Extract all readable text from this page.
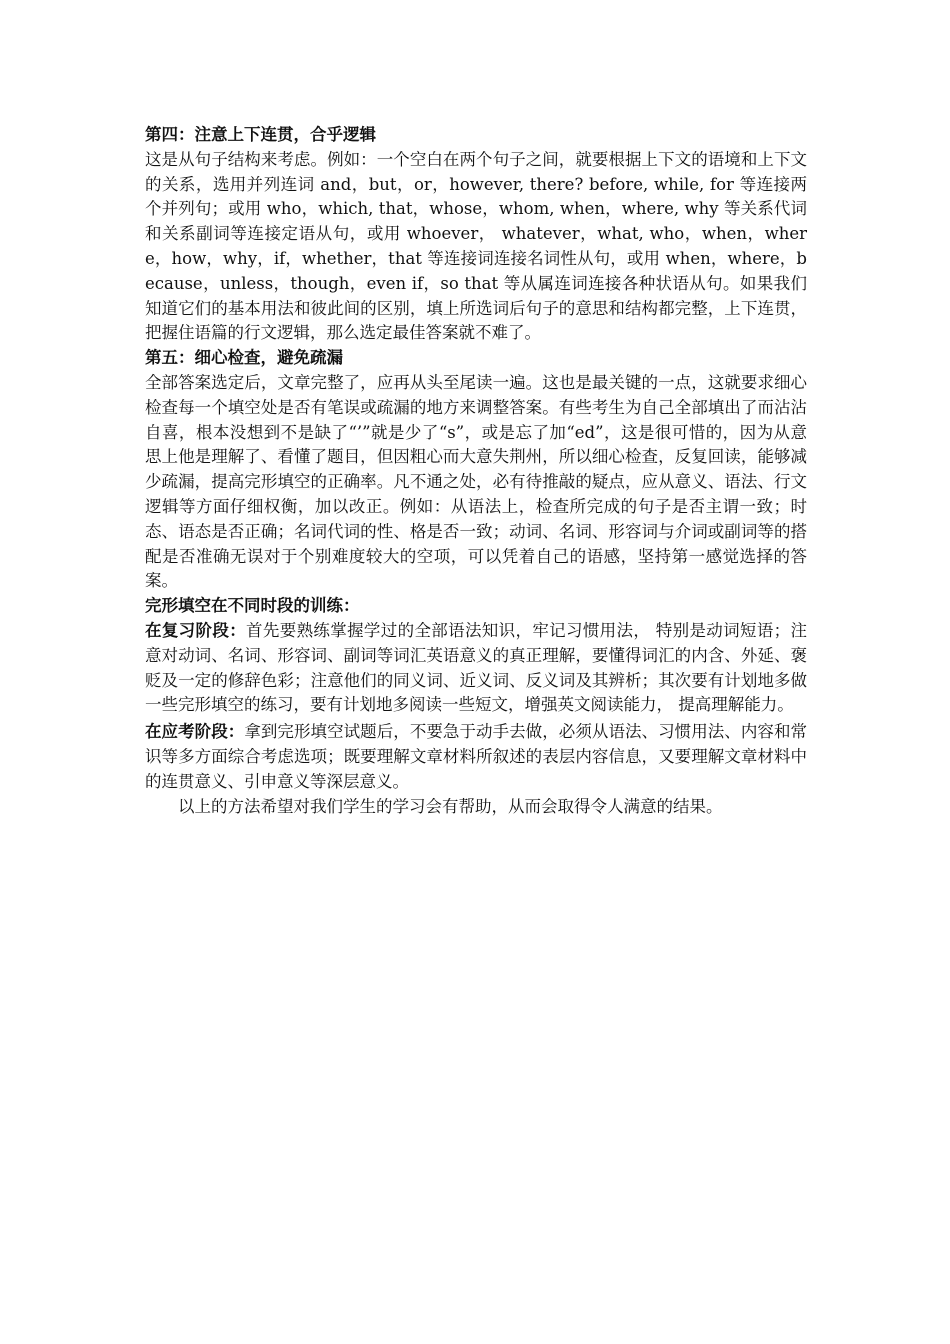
第四：注意上下连贯，合乎逻辑

这是从句子结构来考虑。例如：一个空白在两个句子之间，就要根据上下文的语境和上下文的关系，选用并列连词 and，but，or，however, there? before, while, for 等连接两个并列句；或用 who，which, that，whose，whom, when，where, why 等关系代词和关系副词等连接定语从句，或用 whoever， whatever，what, who，when，where，how，why，if，whether，that 等连接词连接名词性从句，或用 when，where，because，unless，though，even if，so that 等从属连词连接各种状语从句。如果我们知道它们的基本用法和彼此间的区别，填上所选词后句子的意思和结构都完整，上下连贯，把握住语篇的行文逻辑，那么选定最佳答案就不难了。

第五：细心检查，避免疏漏

全部答案选定后，文章完整了，应再从头至尾读一遍。这也是最关键的一点，这就要求细心检查每一个填空处是否有笔误或疏漏的地方来调整答案。有些考生为自己全部填出了而沾沾自喜，根本没想到不是缺了“’”就是少了“s”，或是忘了加“ed”，这是很可惜的，因为从意思上他是理解了、看懂了题目，但因粗心而大意失荆州，所以细心检查，反复回读，能够减少疏漏，提高完形填空的正确率。凡不通之处，必有待推敲的疑点，应从意义、语法、行文逻辑等方面仔细权衡，加以改正。例如：从语法上，检查所完成的句子是否主谓一致；时态、语态是否正确；名词代词的性、格是否一致；动词、名词、形容词与介词或副词等的搭配是否准确无误对于个别难度较大的空项，可以凭着自己的语感，坚持第一感觉选择的答案。

完形填空在不同时段的训练：

在复习阶段：首先要熟练掌握学过的全部语法知识，牢记习惯用法， 特别是动词短语；注意对动词、名词、形容词、副词等词汇英语意义的真正理解，要懂得词汇的内含、外延、褒贬及一定的修辞色彩；注意他们的同义词、近义词、反义词及其辨析；其次要有计划地多做一些完形填空的练习，要有计划地多阅读一些短文，增强英文阅读能力， 提高理解能力。

在应考阶段：拿到完形填空试题后，不要急于动手去做，必须从语法、习惯用法、内容和常识等多方面综合考虑选项；既要理解文章材料所叙述的表层内容信息，又要理解文章材料中的连贯意义、引申意义等深层意义。

以上的方法希望对我们学生的学习会有帮助，从而会取得令人满意的结果。
